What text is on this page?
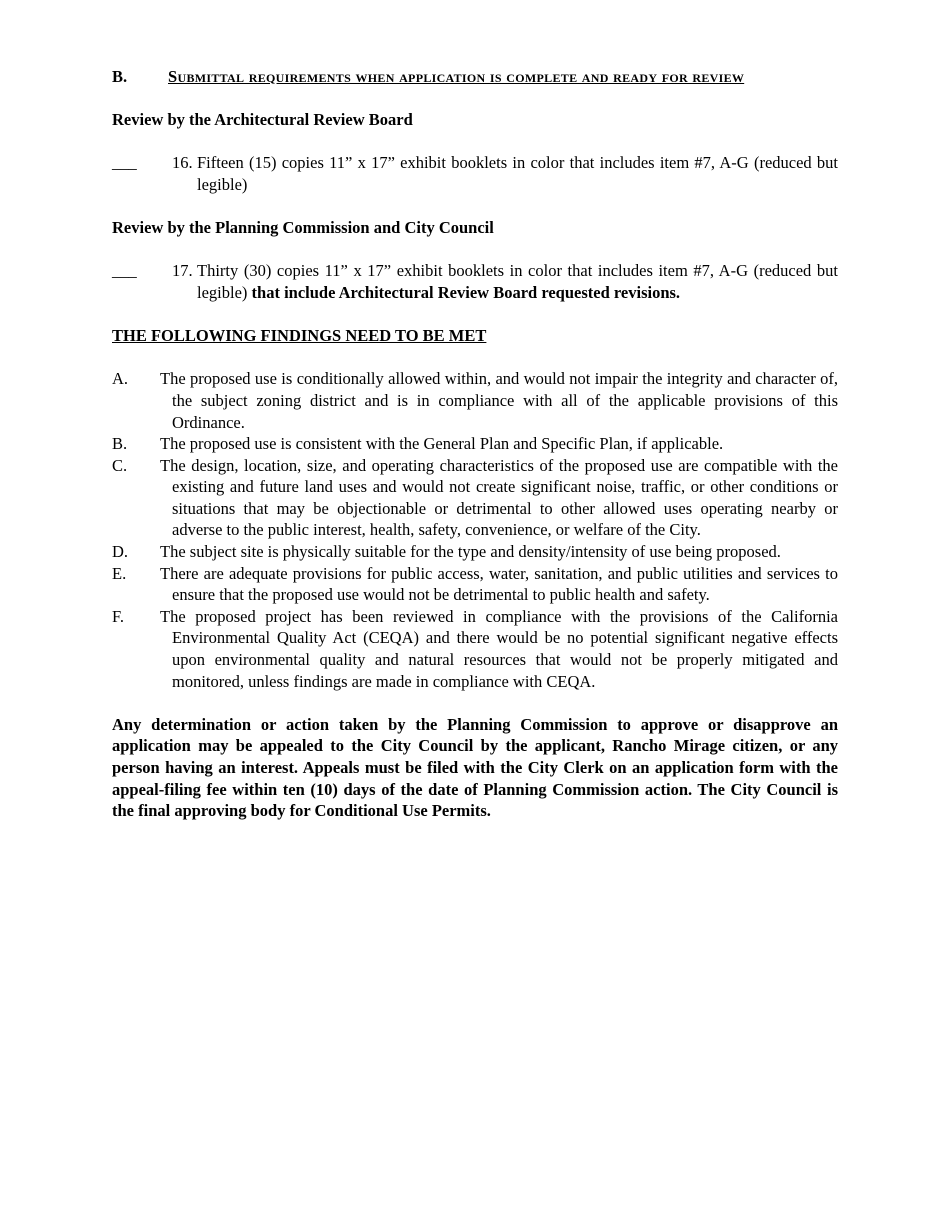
B.	Submittal requirements when application is complete and ready for review

Review by the Architectural Review Board

___	16. Fifteen (15) copies 11” x 17” exhibit booklets in color that includes item #7, A-G (reduced but legible)

Review by the Planning Commission and City Council

___	17. Thirty (30) copies 11” x 17” exhibit booklets in color that includes item #7, A-G (reduced but legible) that include Architectural Review Board requested revisions.

THE FOLLOWING FINDINGS NEED TO BE MET

A.	The proposed use is conditionally allowed within, and would not impair the integrity and character of, the subject zoning district and is in compliance with all of the applicable provisions of this Ordinance.

B.	The proposed use is consistent with the General Plan and Specific Plan, if applicable.

C.	The design, location, size, and operating characteristics of the proposed use are compatible with the existing and future land uses and would not create significant noise, traffic, or other conditions or situations that may be objectionable or detrimental to other allowed uses operating nearby or adverse to the public interest, health, safety, convenience, or welfare of the City.

D.	The subject site is physically suitable for the type and density/intensity of use being proposed.

E.	There are adequate provisions for public access, water, sanitation, and public utilities and services to ensure that the proposed use would not be detrimental to public health and safety.

F.	The proposed project has been reviewed in compliance with the provisions of the California Environmental Quality Act (CEQA) and there would be no potential significant negative effects upon environmental quality and natural resources that would not be properly mitigated and monitored, unless findings are made in compliance with CEQA.

Any determination or action taken by the Planning Commission to approve or disapprove an application may be appealed to the City Council by the applicant, Rancho Mirage citizen, or any person having an interest. Appeals must be filed with the City Clerk on an application form with the appeal-filing fee within ten (10) days of the date of Planning Commission action. The City Council is the final approving body for Conditional Use Permits.
